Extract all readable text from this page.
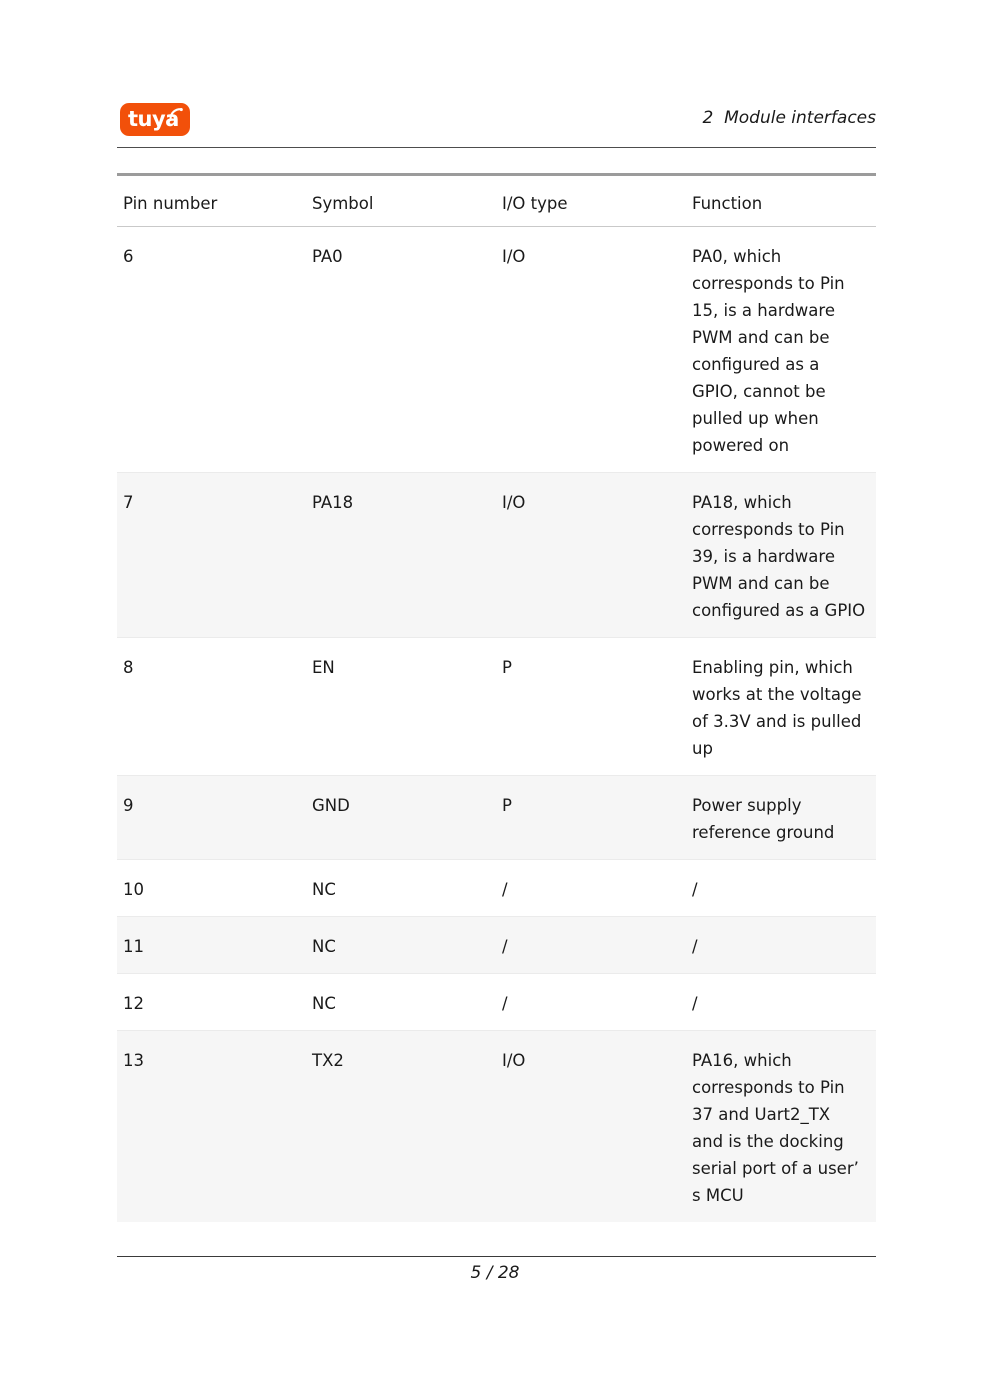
tuya	2  Module interfaces

Pin number	Symbol	I/O type	Function
6	PA0	I/O	PA0, which corresponds to Pin 15, is a hardware PWM and can be configured as a GPIO, cannot be pulled up when powered on
7	PA18	I/O	PA18, which corresponds to Pin 39, is a hardware PWM and can be configured as a GPIO
8	EN	P	Enabling pin, which works at the voltage of 3.3V and is pulled up
9	GND	P	Power supply reference ground
10	NC	/	/
11	NC	/	/
12	NC	/	/
13	TX2	I/O	PA16, which corresponds to Pin 37 and Uart2_TX and is the docking serial port of a user’ s MCU
5 / 28
